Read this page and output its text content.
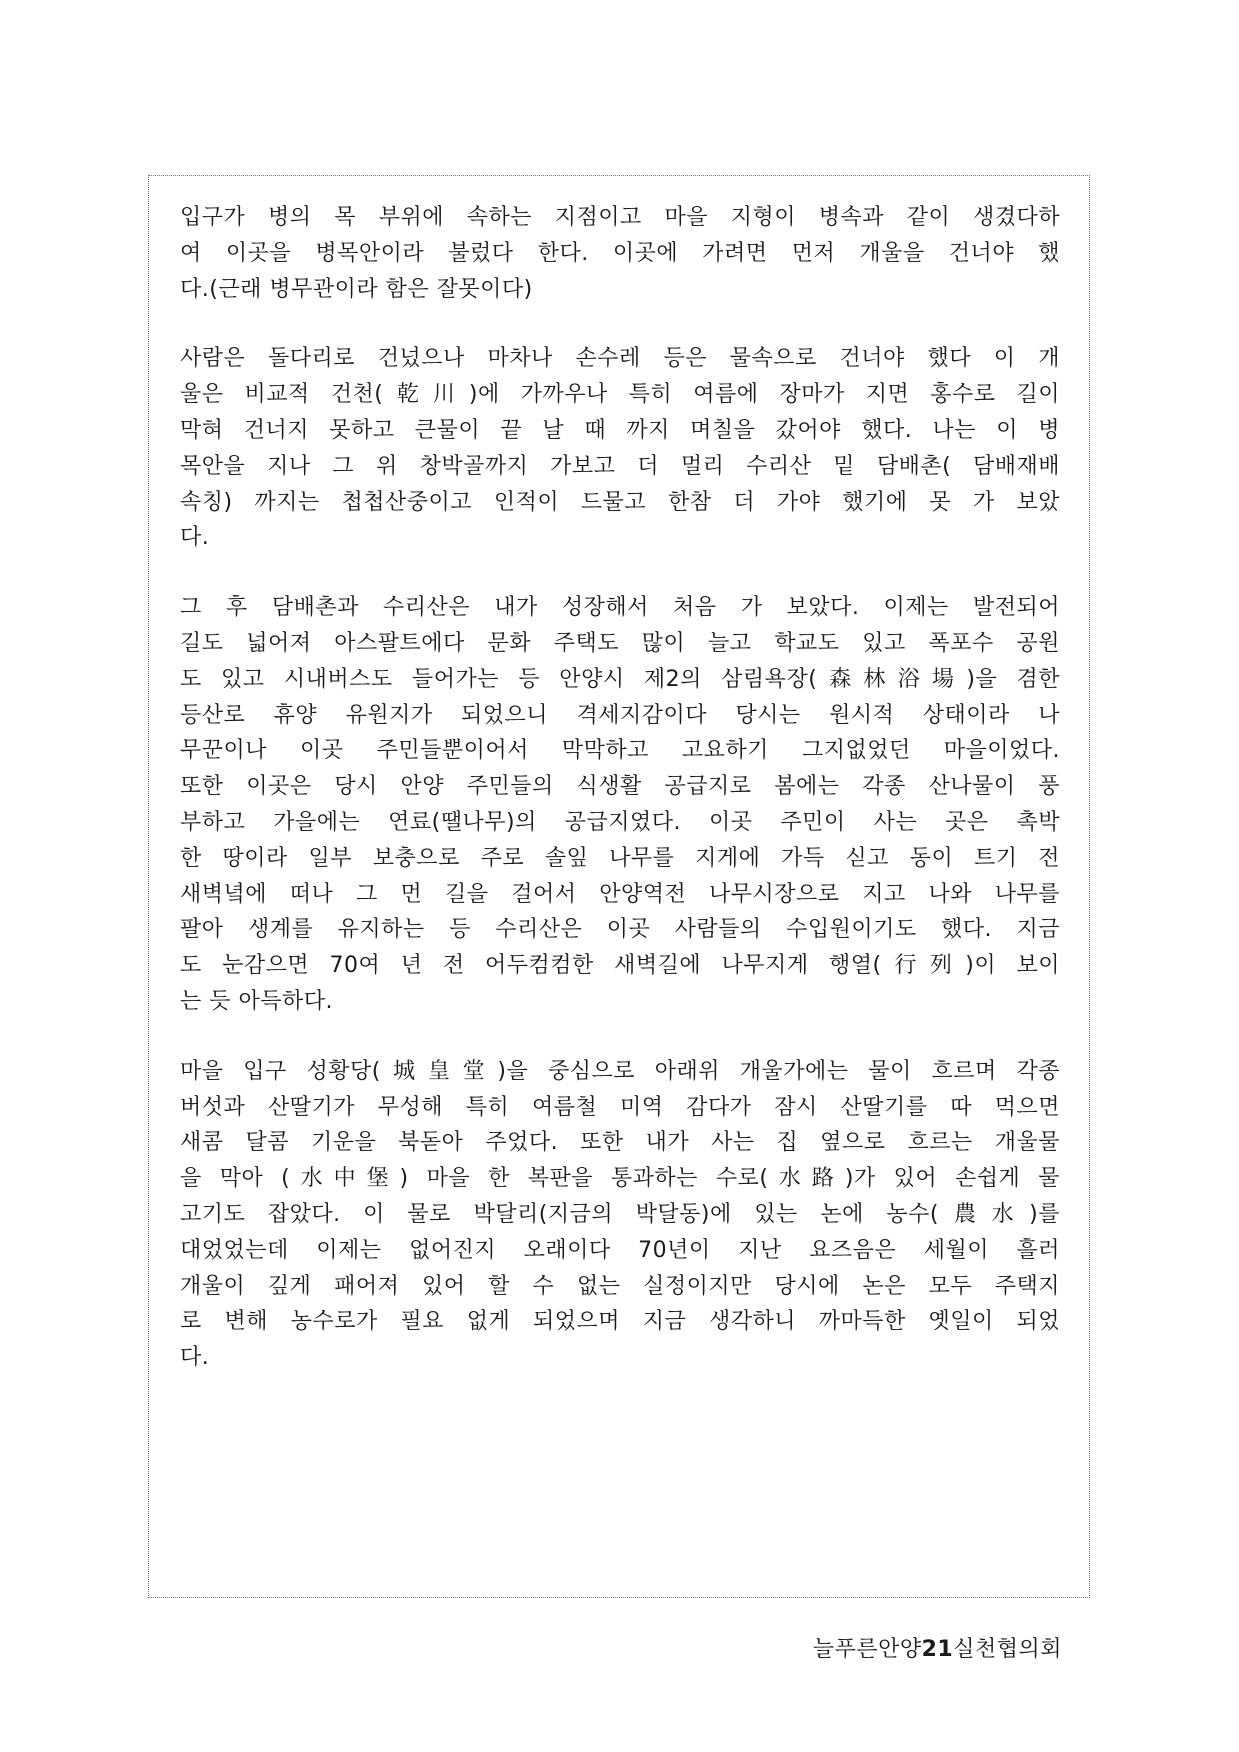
입구가 병의 목 부위에 속하는 지점이고 마을 지형이 병속과 같이 생겼다하
여 이곳을 병목안이라 불렀다 한다. 이곳에 가려면 먼저 개울을 건너야 했
다.(근래 병무관이라 함은 잘못이다)
사람은 돌다리로 건넜으나 마차나 손수레 등은 물속으로 건너야 했다 이 개
울은 비교적 건천(乾川)에 가까우나 특히 여름에 장마가 지면 홍수로 길이
막혀 건너지 못하고 큰물이 끝 날 때 까지 며칠을 갔어야 했다. 나는 이 병
목안을 지나 그 위 창박골까지 가보고 더 멀리 수리산 밑 담배촌( 담배재배
속칭) 까지는 첩첩산중이고 인적이 드물고 한참 더 가야 했기에 못 가 보았
다.
그 후 담배촌과 수리산은 내가 성장해서 처음 가 보았다. 이제는 발전되어
길도 넓어져 아스팔트에다 문화 주택도 많이 늘고 학교도 있고 폭포수 공원
도 있고 시내버스도 들어가는 등 안양시 제2의 삼림욕장(森林浴場)을 겸한
등산로 휴양 유원지가 되었으니 격세지감이다 당시는 원시적 상태이라 나
무꾼이나 이곳 주민들뿐이어서 막막하고 고요하기 그지없었던 마을이었다.
또한 이곳은 당시 안양 주민들의 식생활 공급지로 봄에는 각종 산나물이 풍
부하고 가을에는 연료(땔나무)의 공급지였다. 이곳 주민이 사는 곳은 촉박
한 땅이라 일부 보충으로 주로 솔잎 나무를 지게에 가득 싣고 동이 트기 전
새벽녘에 떠나 그 먼 길을 걸어서 안양역전 나무시장으로 지고 나와 나무를
팔아 생계를 유지하는 등 수리산은 이곳 사람들의 수입원이기도 했다. 지금
도 눈감으면 70여 년 전 어두컴컴한 새벽길에 나무지게 행열(行列)이 보이
는 듯 아득하다.
마을 입구 성황당(城皇堂)을 중심으로 아래위 개울가에는 물이 흐르며 각종
버섯과 산딸기가 무성해 특히 여름철 미역 감다가 잠시 산딸기를 따 먹으면
새콤 달콤 기운을 북돋아 주었다. 또한 내가 사는 집 옆으로 흐르는 개울물
을 막아 (水中堡) 마을 한 복판을 통과하는 수로(水路)가 있어 손쉽게 물
고기도 잡았다. 이 물로 박달리(지금의 박달동)에 있는 논에 농수(農水)를
대었었는데 이제는 없어진지 오래이다 70년이 지난 요즈음은 세월이 흘러
개울이 깊게 패어져 있어 할 수 없는 실정이지만 당시에 논은 모두 주택지
로 변해 농수로가 필요 없게 되었으며 지금 생각하니 까마득한 옛일이 되었
다.
늘푸른안양21실천협의회
